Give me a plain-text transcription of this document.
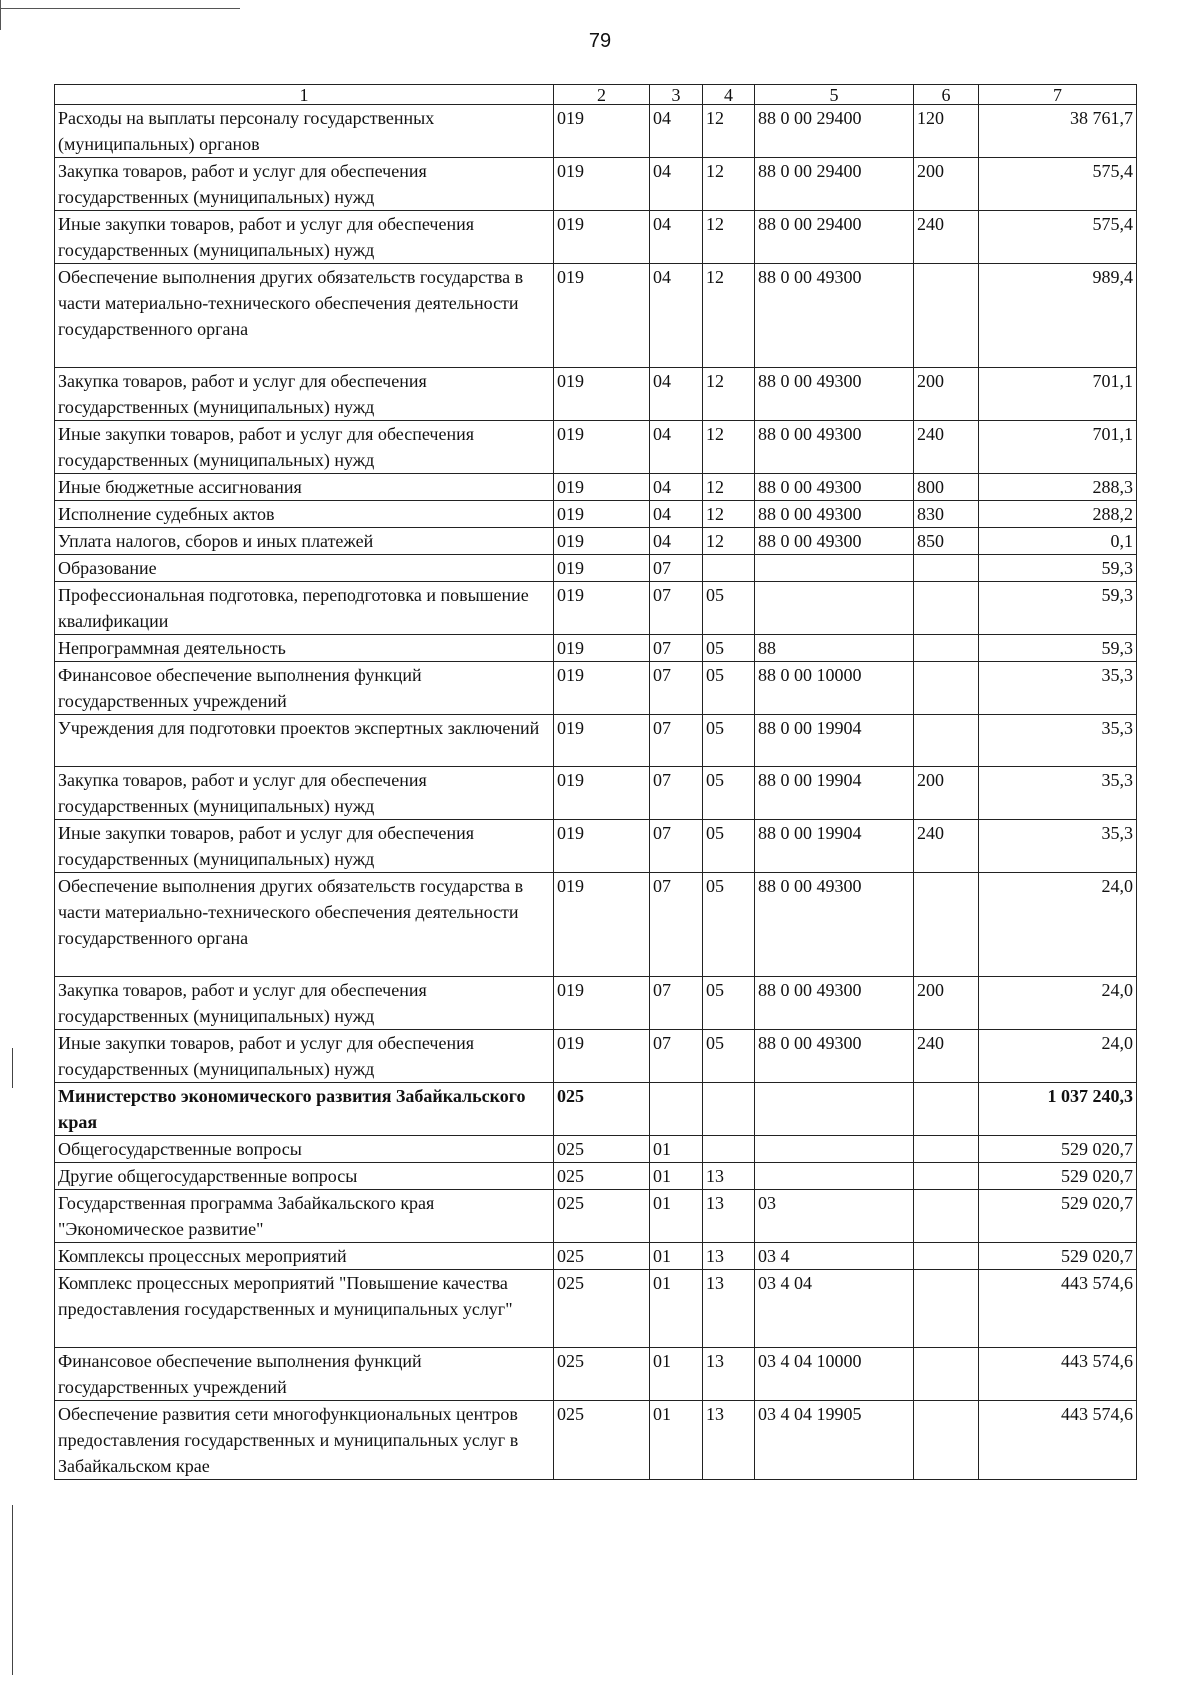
79
1	2	3	4	5	6	7
Расходы на выплаты персоналу государственных (муниципальных) органов	019	04	12	88 0 00 29400	120	38 761,7
Закупка товаров, работ и услуг для обеспечения государственных (муниципальных) нужд	019	04	12	88 0 00 29400	200	575,4
Иные закупки товаров, работ и услуг для обеспечения государственных (муниципальных) нужд	019	04	12	88 0 00 29400	240	575,4
Обеспечение выполнения других обязательств государства в части материально-технического обеспечения деятельности государственного органа	019	04	12	88 0 00 49300		989,4
Закупка товаров, работ и услуг для обеспечения государственных (муниципальных) нужд	019	04	12	88 0 00 49300	200	701,1
Иные закупки товаров, работ и услуг для обеспечения государственных (муниципальных) нужд	019	04	12	88 0 00 49300	240	701,1
Иные бюджетные ассигнования	019	04	12	88 0 00 49300	800	288,3
Исполнение судебных актов	019	04	12	88 0 00 49300	830	288,2
Уплата налогов, сборов и иных платежей	019	04	12	88 0 00 49300	850	0,1
Образование	019	07				59,3
Профессиональная подготовка, переподготовка и повышение квалификации	019	07	05			59,3
Непрограммная деятельность	019	07	05	88		59,3
Финансовое обеспечение выполнения функций государственных учреждений	019	07	05	88 0 00 10000		35,3
Учреждения для подготовки проектов экспертных заключений	019	07	05	88 0 00 19904		35,3
Закупка товаров, работ и услуг для обеспечения государственных (муниципальных) нужд	019	07	05	88 0 00 19904	200	35,3
Иные закупки товаров, работ и услуг для обеспечения государственных (муниципальных) нужд	019	07	05	88 0 00 19904	240	35,3
Обеспечение выполнения других обязательств государства в части материально-технического обеспечения деятельности государственного органа	019	07	05	88 0 00 49300		24,0
Закупка товаров, работ и услуг для обеспечения государственных (муниципальных) нужд	019	07	05	88 0 00 49300	200	24,0
Иные закупки товаров, работ и услуг для обеспечения государственных (муниципальных) нужд	019	07	05	88 0 00 49300	240	24,0
Министерство экономического развития Забайкальского края	025					1 037 240,3
Общегосударственные вопросы	025	01				529 020,7
Другие общегосударственные вопросы	025	01	13			529 020,7
Государственная программа Забайкальского края "Экономическое развитие"	025	01	13	03		529 020,7
Комплексы процессных мероприятий	025	01	13	03 4		529 020,7
Комплекс процессных мероприятий "Повышение качества предоставления государственных и муниципальных услуг"	025	01	13	03 4 04		443 574,6
Финансовое обеспечение выполнения функций государственных учреждений	025	01	13	03 4 04 10000		443 574,6
Обеспечение развития сети многофункциональных центров предоставления государственных и муниципальных услуг в Забайкальском крае	025	01	13	03 4 04 19905		443 574,6
